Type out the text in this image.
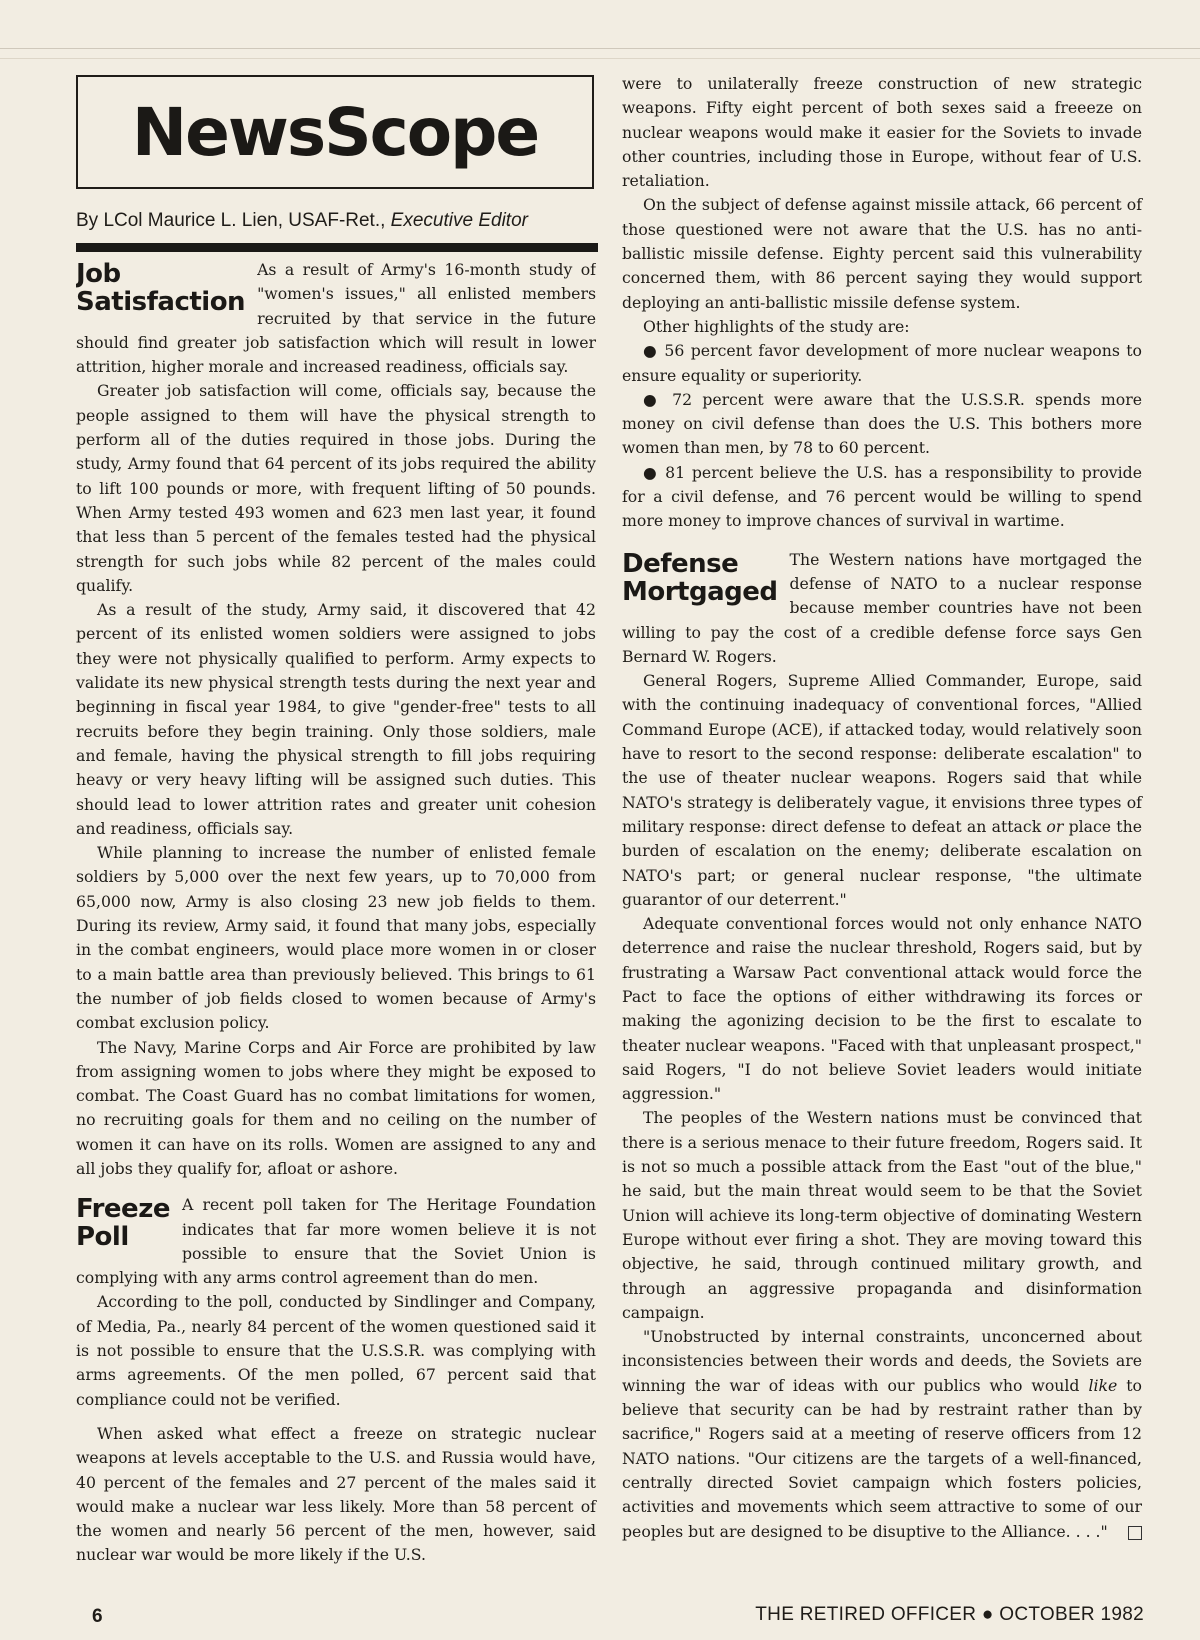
NewsScope
By LCol Maurice L. Lien, USAF-Ret., Executive Editor
Job
Satisfaction

As a result of Army's 16-month study of "women's issues," all enlisted members recruited by that service in the future should find greater job satisfaction which will result in lower attrition, higher morale and increased readiness, officials say.

Greater job satisfaction will come, officials say, because the people assigned to them will have the physical strength to perform all of the duties required in those jobs. During the study, Army found that 64 percent of its jobs required the ability to lift 100 pounds or more, with frequent lifting of 50 pounds. When Army tested 493 women and 623 men last year, it found that less than 5 percent of the females tested had the physical strength for such jobs while 82 percent of the males could qualify.

As a result of the study, Army said, it discovered that 42 percent of its enlisted women soldiers were assigned to jobs they were not physically qualified to perform. Army expects to validate its new physical strength tests during the next year and beginning in fiscal year 1984, to give "gender-free" tests to all recruits before they begin training. Only those soldiers, male and female, having the physical strength to fill jobs requiring heavy or very heavy lifting will be assigned such duties. This should lead to lower attrition rates and greater unit cohesion and readiness, officials say.

While planning to increase the number of enlisted female soldiers by 5,000 over the next few years, up to 70,000 from 65,000 now, Army is also closing 23 new job fields to them. During its review, Army said, it found that many jobs, especially in the combat engineers, would place more women in or closer to a main battle area than previously believed. This brings to 61 the number of job fields closed to women because of Army's combat exclusion policy.

The Navy, Marine Corps and Air Force are prohibited by law from assigning women to jobs where they might be exposed to combat. The Coast Guard has no combat limitations for women, no recruiting goals for them and no ceiling on the number of women it can have on its rolls. Women are assigned to any and all jobs they qualify for, afloat or ashore.

Freeze
Poll

A recent poll taken for The Heritage Foundation indicates that far more women believe it is not possible to ensure that the Soviet Union is complying with any arms control agreement than do men.

According to the poll, conducted by Sindlinger and Company, of Media, Pa., nearly 84 percent of the women questioned said it is not possible to ensure that the U.S.S.R. was complying with arms agreements. Of the men polled, 67 percent said that compliance could not be verified.

When asked what effect a freeze on strategic nuclear weapons at levels acceptable to the U.S. and Russia would have, 40 percent of the females and 27 percent of the males said it would make a nuclear war less likely. More than 58 percent of the women and nearly 56 percent of the men, however, said nuclear war would be more likely if the U.S.

were to unilaterally freeze construction of new strategic weapons. Fifty eight percent of both sexes said a freeeze on nuclear weapons would make it easier for the Soviets to invade other countries, including those in Europe, without fear of U.S. retaliation.

On the subject of defense against missile attack, 66 percent of those questioned were not aware that the U.S. has no anti-ballistic missile defense. Eighty percent said this vulnerability concerned them, with 86 percent saying they would support deploying an anti-ballistic missile defense system.

Other highlights of the study are:

● 56 percent favor development of more nuclear weapons to ensure equality or superiority.

● 72 percent were aware that the U.S.S.R. spends more money on civil defense than does the U.S. This bothers more women than men, by 78 to 60 percent.

● 81 percent believe the U.S. has a responsibility to provide for a civil defense, and 76 percent would be willing to spend more money to improve chances of survival in wartime.

Defense
Mortgaged

The Western nations have mortgaged the defense of NATO to a nuclear response because member countries have not been willing to pay the cost of a credible defense force says Gen Bernard W. Rogers.

General Rogers, Supreme Allied Commander, Europe, said with the continuing inadequacy of conventional forces, "Allied Command Europe (ACE), if attacked today, would relatively soon have to resort to the second response: deliberate escalation" to the use of theater nuclear weapons. Rogers said that while NATO's strategy is deliberately vague, it envisions three types of military response: direct defense to defeat an attack or place the burden of escalation on the enemy; deliberate escalation on NATO's part; or general nuclear response, "the ultimate guarantor of our deterrent."

Adequate conventional forces would not only enhance NATO deterrence and raise the nuclear threshold, Rogers said, but by frustrating a Warsaw Pact conventional attack would force the Pact to face the options of either withdrawing its forces or making the agonizing decision to be the first to escalate to theater nuclear weapons. "Faced with that unpleasant prospect," said Rogers, "I do not believe Soviet leaders would initiate aggression."

The peoples of the Western nations must be convinced that there is a serious menace to their future freedom, Rogers said. It is not so much a possible attack from the East "out of the blue," he said, but the main threat would seem to be that the Soviet Union will achieve its long-term objective of dominating Western Europe without ever firing a shot. They are moving toward this objective, he said, through continued military growth, and through an aggressive propaganda and disinformation campaign.

"Unobstructed by internal constraints, unconcerned about inconsistencies between their words and deeds, the Soviets are winning the war of ideas with our publics who would like to believe that security can be had by restraint rather than by sacrifice," Rogers said at a meeting of reserve officers from 12 NATO nations. "Our citizens are the targets of a well-financed, centrally directed Soviet campaign which fosters policies, activities and movements which seem attractive to some of our peoples but are designed to be disuptive to the Alliance. . . ."

6	THE RETIRED OFFICER ● OCTOBER 1982
